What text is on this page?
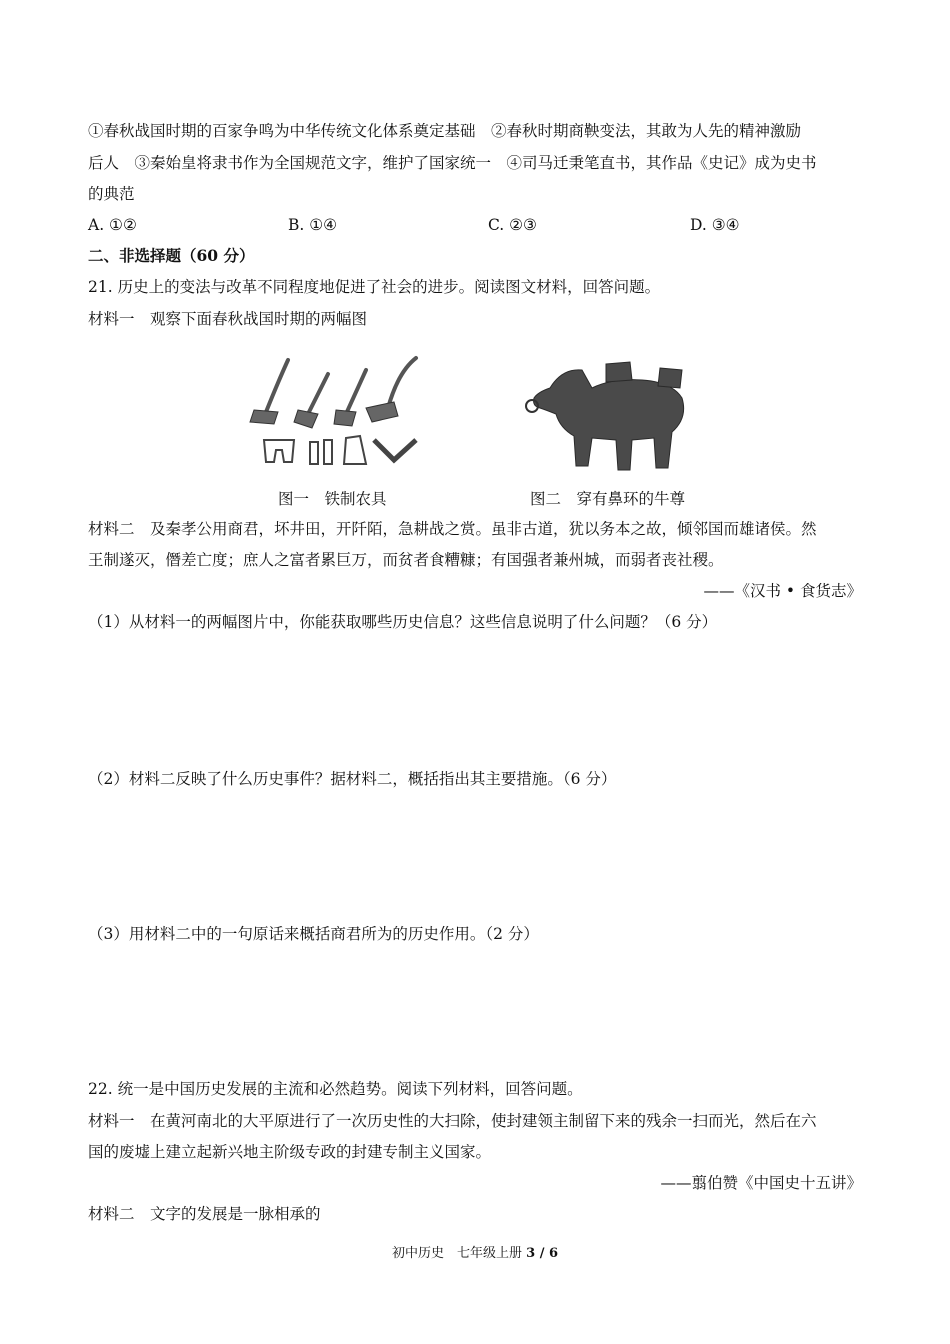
①春秋战国时期的百家争鸣为中华传统文化体系奠定基础　②春秋时期商鞅变法，其敢为人先的精神激励
后人　③秦始皇将隶书作为全国规范文字，维护了国家统一　④司马迁秉笔直书，其作品《史记》成为史书
的典范
A. ①②	B. ①④	C. ②③	D. ③④
二、非选择题（60 分）
21. 历史上的变法与改革不同程度地促进了社会的进步。阅读图文材料，回答问题。
材料一　观察下面春秋战国时期的两幅图
图一　铁制农具	图二　穿有鼻环的牛尊
材料二　及秦孝公用商君，坏井田，开阡陌，急耕战之赏。虽非古道，犹以务本之故，倾邻国而雄诸侯。然
王制遂灭，僭差亡度；庶人之富者累巨万，而贫者食糟糠；有国强者兼州城，而弱者丧社稷。
——《汉书 • 食货志》
（1）从材料一的两幅图片中，你能获取哪些历史信息？这些信息说明了什么问题？（6 分）
（2）材料二反映了什么历史事件？据材料二，概括指出其主要措施。（6 分）
（3）用材料二中的一句原话来概括商君所为的历史作用。（2 分）
22. 统一是中国历史发展的主流和必然趋势。阅读下列材料，回答问题。
材料一　在黄河南北的大平原进行了一次历史性的大扫除，使封建领主制留下来的残余一扫而光，然后在六
国的废墟上建立起新兴地主阶级专政的封建专制主义国家。
——翦伯赞《中国史十五讲》
材料二　文字的发展是一脉相承的
初中历史　七年级上册 3 / 6
